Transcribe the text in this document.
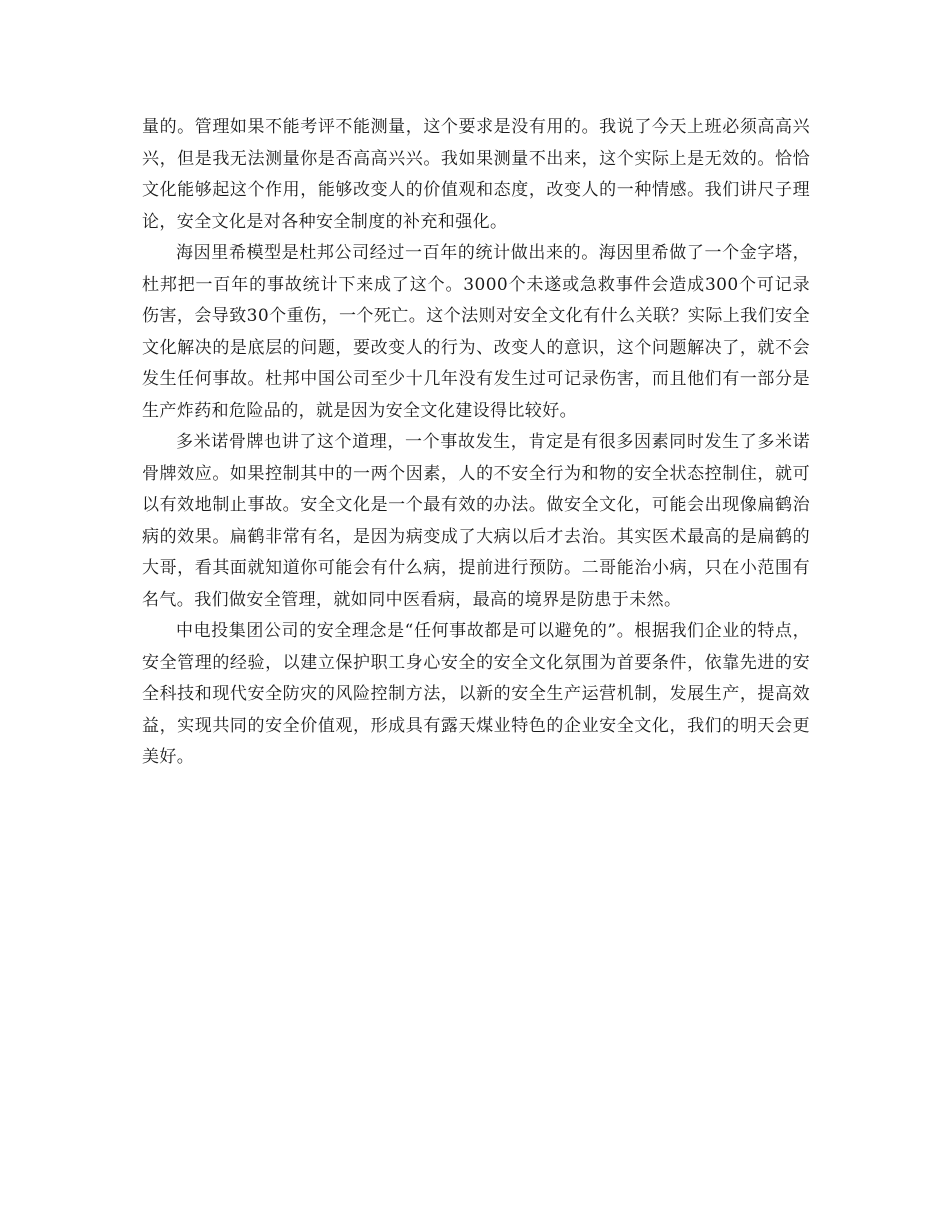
量的。管理如果不能考评不能测量，这个要求是没有用的。我说了今天上班必须高高兴兴，但是我无法测量你是否高高兴兴。我如果测量不出来，这个实际上是无效的。恰恰文化能够起这个作用，能够改变人的价值观和态度，改变人的一种情感。我们讲尺子理论，安全文化是对各种安全制度的补充和强化。

海因里希模型是杜邦公司经过一百年的统计做出来的。海因里希做了一个金字塔，杜邦把一百年的事故统计下来成了这个。3000个未遂或急救事件会造成300个可记录伤害，会导致30个重伤，一个死亡。这个法则对安全文化有什么关联？实际上我们安全文化解决的是底层的问题，要改变人的行为、改变人的意识，这个问题解决了，就不会发生任何事故。杜邦中国公司至少十几年没有发生过可记录伤害，而且他们有一部分是生产炸药和危险品的，就是因为安全文化建设得比较好。

多米诺骨牌也讲了这个道理，一个事故发生，肯定是有很多因素同时发生了多米诺骨牌效应。如果控制其中的一两个因素，人的不安全行为和物的安全状态控制住，就可以有效地制止事故。安全文化是一个最有效的办法。做安全文化，可能会出现像扁鹤治病的效果。扁鹤非常有名，是因为病变成了大病以后才去治。其实医术最高的是扁鹤的大哥，看其面就知道你可能会有什么病，提前进行预防。二哥能治小病，只在小范围有名气。我们做安全管理，就如同中医看病，最高的境界是防患于未然。

中电投集团公司的安全理念是“任何事故都是可以避免的”。根据我们企业的特点，安全管理的经验，以建立保护职工身心安全的安全文化氛围为首要条件，依靠先进的安全科技和现代安全防灾的风险控制方法，以新的安全生产运营机制，发展生产，提高效益，实现共同的安全价值观，形成具有露天煤业特色的企业安全文化，我们的明天会更美好。
